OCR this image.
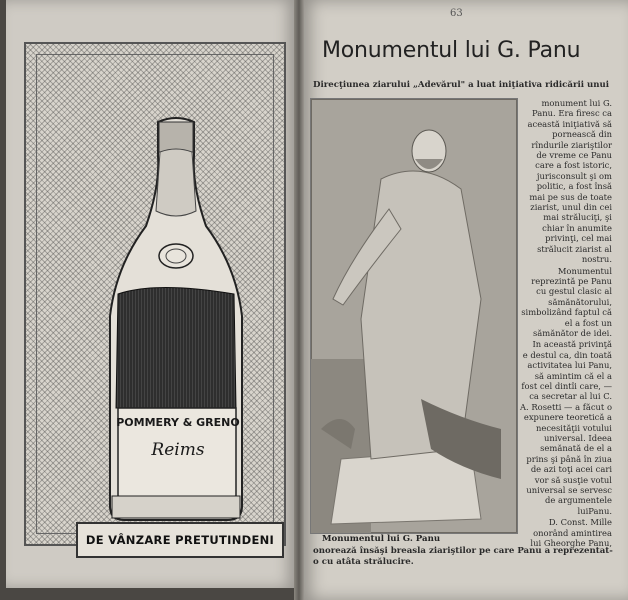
POMMERY & GRENO
Reims
DE VÂNZARE PRETUTINDENI
63
Monumentul lui G. Panu
Direcţiunea ziarului „Adevărul" a luat iniţiativa ridicării unui

monument lui G. Panu. Era firesc ca această iniţiativă să pornească din rîndurile ziariştilor de vreme ce Panu care a fost istoric, jurisconsult şi om politic, a fost însă mai pe sus de toate ziarist, unul din cei mai străluciţi, şi chiar în anumite privinţi, cel mai strălucit ziarist al nostru.

Monumentul reprezintă pe Panu cu gestul clasic al sămănătorului, simbolizând faptul că el a fost un sămănător de idei.

In această privinţă e destul ca, din toată activitatea lui Panu, să amintim că el a fost cel dintîi care, —ca secretar al lui C. A. Rosetti — a făcut o expunere teoretică a necesităţii votului universal. Ideea semănată de el a prins şi până în ziua de azi toţi acei cari vor să susţie votul universal se servesc de argumentele luiPanu.

D. Const. Mille onorând amintirea lui Gheorghe Panu,

Monumentul lui G. Panu
onorează însăşi breasla ziariştilor pe care Panu a reprezentat-o cu atâta strălucire.
